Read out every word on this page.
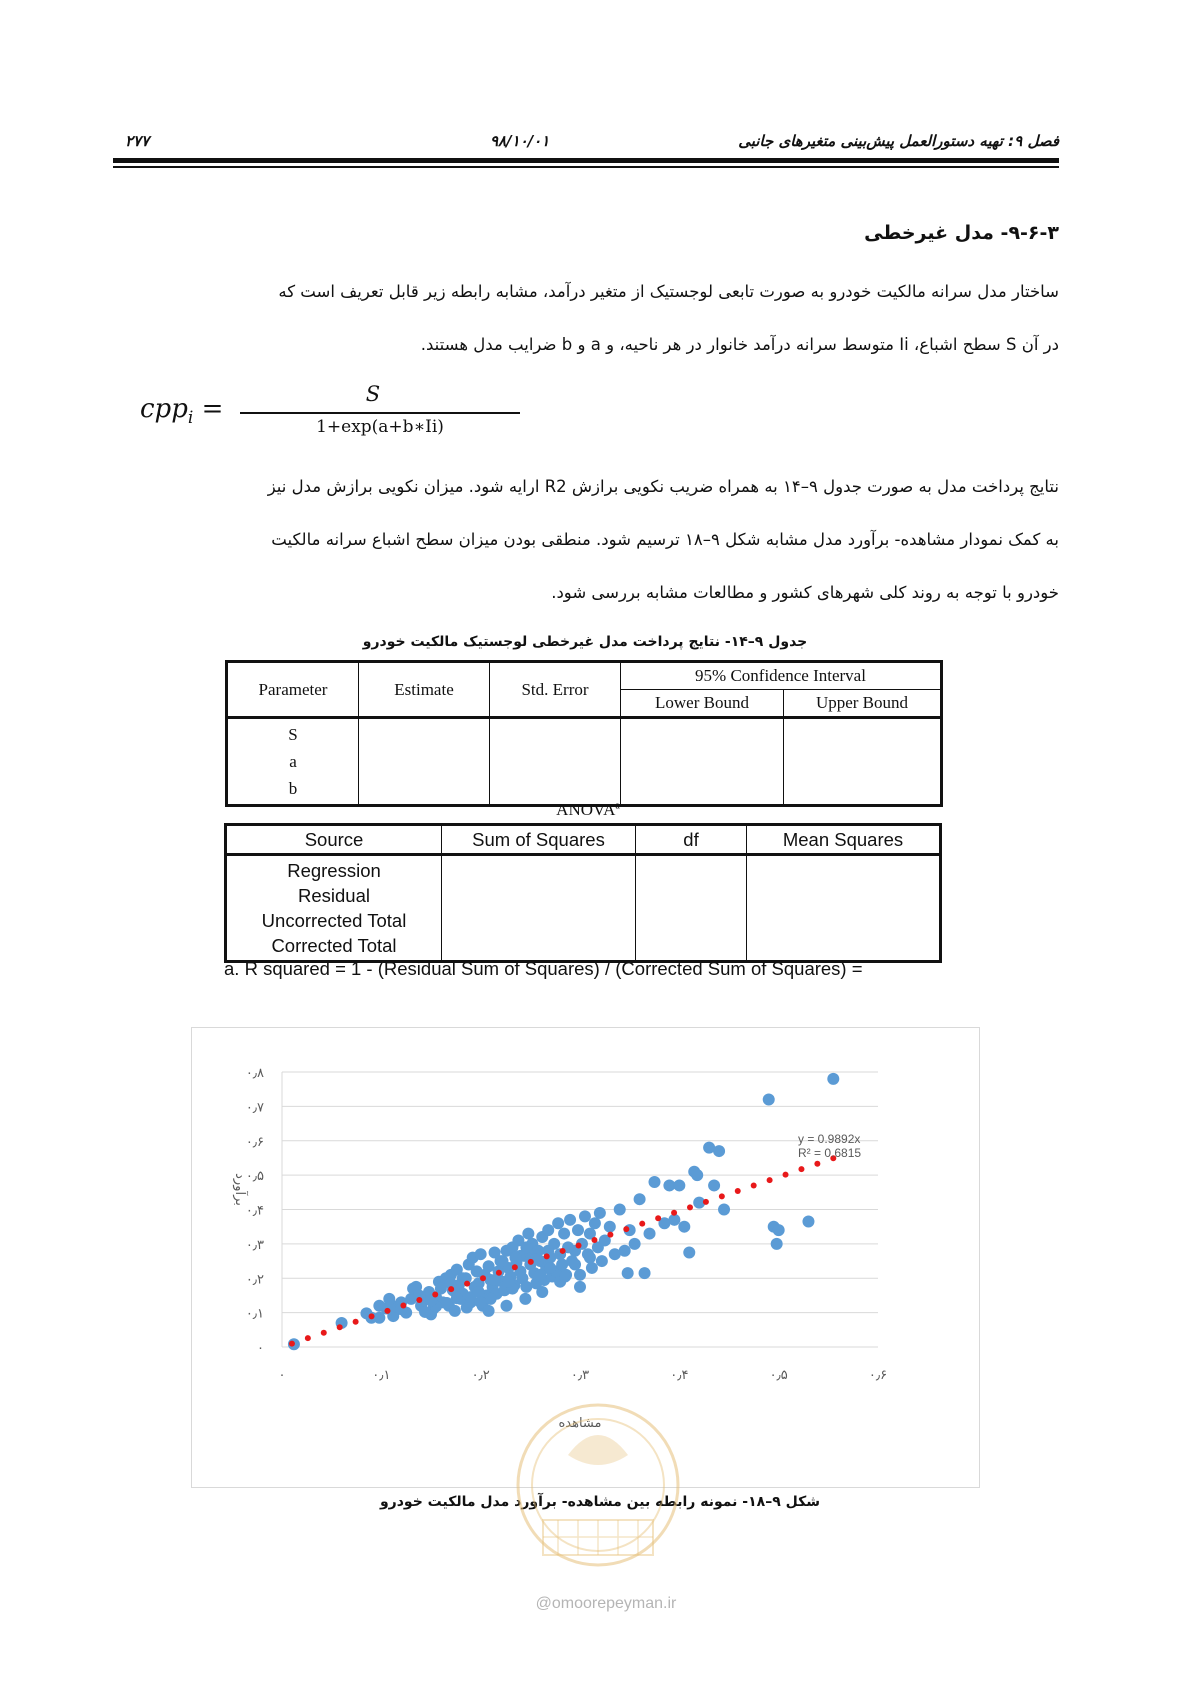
۲۷۷	۹۸/۱۰/۰۱	فصل ۹: تهیه دستورالعمل پیش‌بینی متغیرهای جانبی
۹-۶-۳- مدل غیرخطی
ساختار مدل سرانه مالکیت خودرو به صورت تابعی لوجستیک از متغیر درآمد، مشابه رابطه زیر قابل تعریف است که
در آن S سطح اشباع، Ii متوسط سرانه درآمد خانوار در هر ناحیه، و a و b ضرایب مدل هستند.
cpp$_i$ =	S
1+exp(a+b∗Ii)
نتایج پرداخت مدل به صورت جدول ۹–۱۴ به همراه ضریب نکویی برازش R2 ارایه شود. میزان نکویی برازش مدل نیز
به کمک نمودار مشاهده- برآورد مدل مشابه شکل ۹–۱۸ ترسیم شود. منطقی بودن میزان سطح اشباع سرانه مالکیت
خودرو با توجه به روند کلی شهرهای کشور و مطالعات مشابه بررسی شود.
جدول ۹–۱۴- نتایج پرداخت مدل غیرخطی لوجستیک مالکیت خودرو
Parameter	Estimate	Std. Error	95% Confidence Interval	
			Lower Bound	Upper Bound

S
a
b				

ANOVA$^a$
Source	Sum of Squares	df	Mean Squares

Regression
Residual
Uncorrected Total
Corrected Total			

a. R squared = 1 - (Residual Sum of Squares) / (Corrected Sum of Squares) =
۰
۰٫۱
۰٫۲
۰٫۳
۰٫۴
۰٫۵
۰٫۶
۰٫۷
۰٫۸
۰	۰٫۱	۰٫۲	۰٫۳	۰٫۴	۰٫۵	۰٫۶
مشاهده
برآورد
y = 0.9892x
R² = 0.6815
شکل ۹–۱۸- نمونه رابطه بین مشاهده- برآورد مدل مالکیت خودرو
@omoorepeyman.ir
